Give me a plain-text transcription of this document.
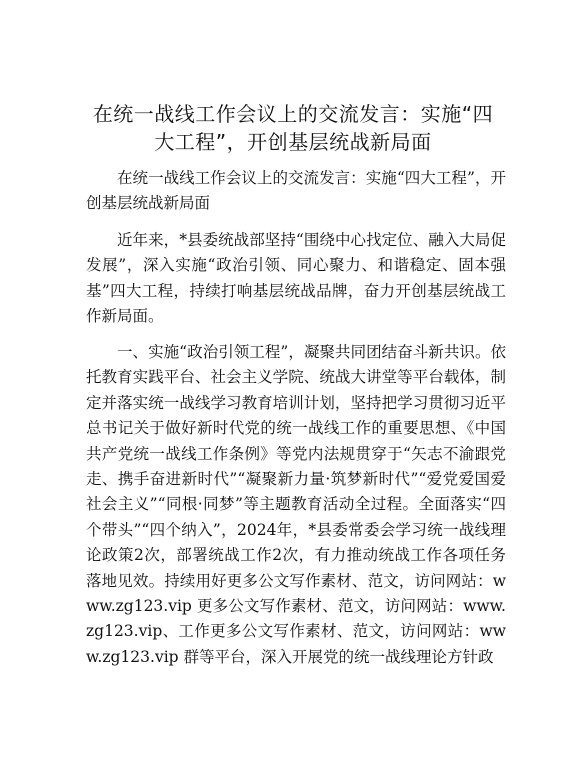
在统一战线工作会议上的交流发言：实施“四大工程”，开创基层统战新局面

在统一战线工作会议上的交流发言：实施“四大工程”，开创基层统战新局面

近年来，*县委统战部坚持“围绕中心找定位、融入大局促发展”，深入实施“政治引领、同心聚力、和谐稳定、固本强基”四大工程，持续打响基层统战品牌，奋力开创基层统战工作新局面。

一、实施“政治引领工程”，凝聚共同团结奋斗新共识。依托教育实践平台、社会主义学院、统战大讲堂等平台载体，制定并落实统一战线学习教育培训计划，坚持把学习贯彻习近平总书记关于做好新时代党的统一战线工作的重要思想、《中国共产党统一战线工作条例》等党内法规贯穿于“矢志不渝跟党走、携手奋进新时代”“凝聚新力量·筑梦新时代”“爱党爱国爱社会主义”“同根·同梦”等主题教育活动全过程。全面落实“四个带头”“四个纳入”，2024年，*县委常委会学习统一战线理论政策2次，部署统战工作2次，有力推动统战工作各项任务落地见效。持续用好更多公文写作素材、范文，访问网站：www.zg123.vip 更多公文写作素材、范文，访问网站：www.zg123.vip、工作更多公文写作素材、范文，访问网站：www.zg123.vip 群等平台，深入开展党的统一战线理论方针政
